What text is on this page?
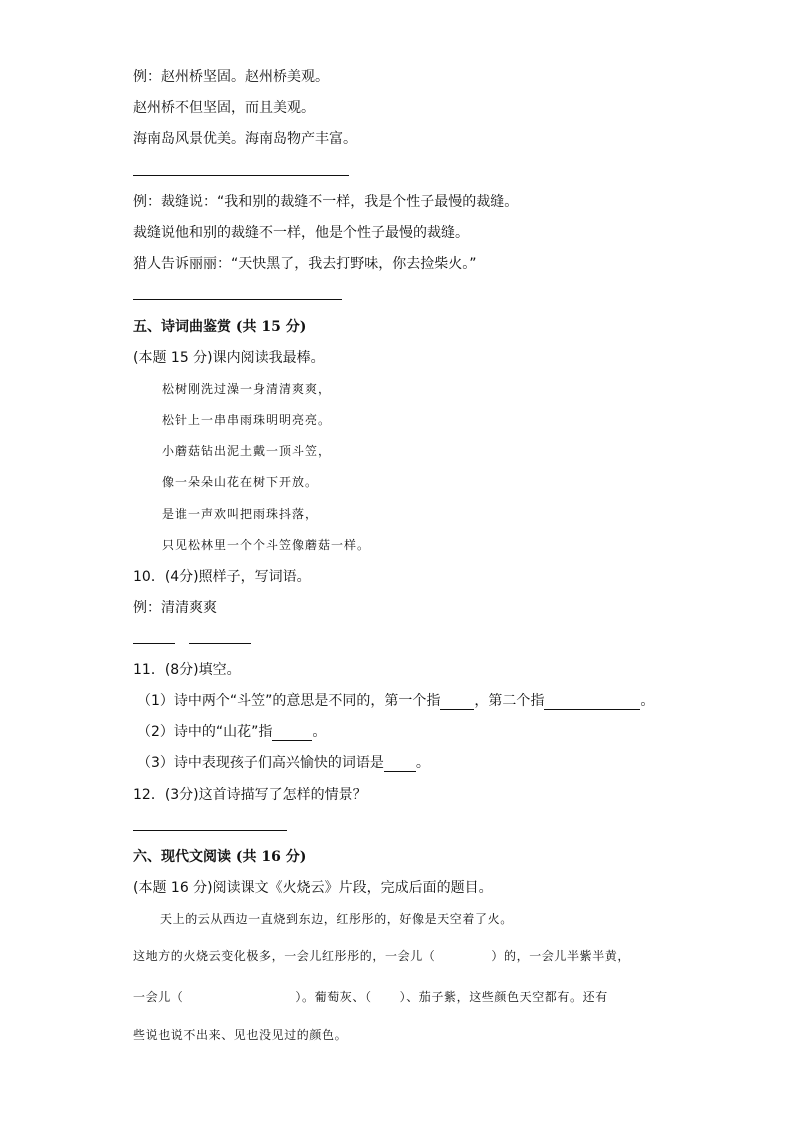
例：赵州桥坚固。赵州桥美观。
赵州桥不但坚固，而且美观。
海南岛风景优美。海南岛物产丰富。
例：裁缝说：“我和别的裁缝不一样，我是个性子最慢的裁缝。
裁缝说他和别的裁缝不一样，他是个性子最慢的裁缝。
猎人告诉丽丽：“天快黑了，我去打野味，你去捡柴火。”
五、诗词曲鉴赏 (共 15 分)
(本题 15 分)课内阅读我最棒。
松树刚洗过澡一身清清爽爽，
松针上一串串雨珠明明亮亮。
小蘑菇钻出泥土戴一顶斗笠，
像一朵朵山花在树下开放。
是谁一声欢叫把雨珠抖落，
只见松林里一个个斗笠像蘑菇一样。
10．(4分)照样子，写词语。
例：清清爽爽
11．(8分)填空。
（1）诗中两个“斗笠”的意思是不同的，第一个指 ，第二个指	。
（2）诗中的“山花”指	。
（3）诗中表现孩子们高兴愉快的词语是 。
12．(3分)这首诗描写了怎样的情景？
六、现代文阅读 (共 16 分)
(本题 16 分)阅读课文《火烧云》片段，完成后面的题目。
天上的云从西边一直烧到东边，红彤彤的，好像是天空着了火。
这地方的火烧云变化极多，一会儿红彤彤的，一会儿（	）的，一会儿半紫半黄，
一会儿（	）。葡萄灰、（ ）、茄子紫，这些颜色天空都有。还有
些说也说不出来、见也没见过的颜色。
